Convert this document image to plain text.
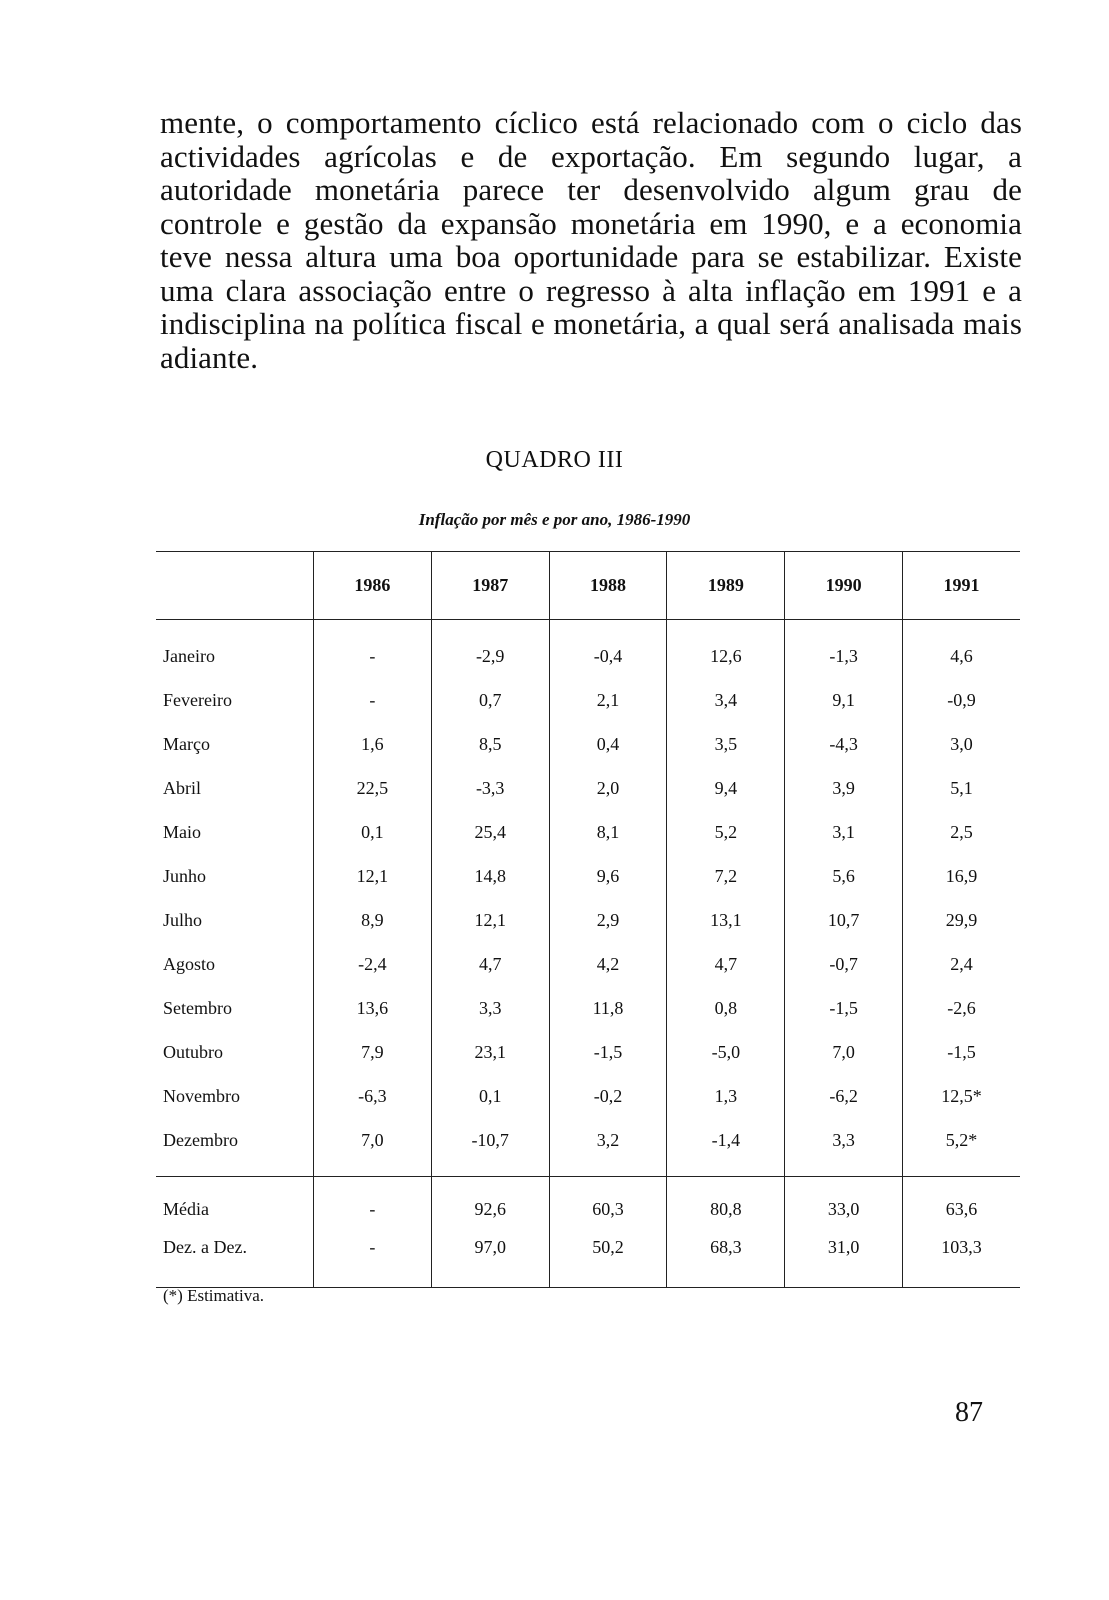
mente, o comportamento cíclico está relacionado com o ciclo das actividades agrícolas e de exportação. Em segundo lugar, a autoridade monetária parece ter desenvolvido algum grau de controle e gestão da expansão monetária em 1990, e a economia teve nessa altura uma boa oportunidade para se estabilizar. Existe uma clara associação entre o regresso à alta inflação em 1991 e a indisciplina na política fiscal e monetária, a qual será analisada mais adiante.

QUADRO III
Inflação por mês e por ano, 1986-1990
	1986	1987	1988	1989	1990	1991

Janeiro	-	-2,9	-0,4	12,6	-1,3	4,6
Fevereiro	-	0,7	2,1	3,4	9,1	-0,9
Março	1,6	8,5	0,4	3,5	-4,3	3,0
Abril	22,5	-3,3	2,0	9,4	3,9	5,1
Maio	0,1	25,4	8,1	5,2	3,1	2,5
Junho	12,1	14,8	9,6	7,2	5,6	16,9
Julho	8,9	12,1	2,9	13,1	10,7	29,9
Agosto	-2,4	4,7	4,2	4,7	-0,7	2,4
Setembro	13,6	3,3	11,8	0,8	-1,5	-2,6
Outubro	7,9	23,1	-1,5	-5,0	7,0	-1,5
Novembro	-6,3	0,1	-0,2	1,3	-6,2	12,5*
Dezembro	7,0	-10,7	3,2	-1,4	3,3	5,2*

Média	-	92,6	60,3	80,8	33,0	63,6
Dez. a Dez.	-	97,0	50,2	68,3	31,0	103,3
(*) Estimativa.
87
